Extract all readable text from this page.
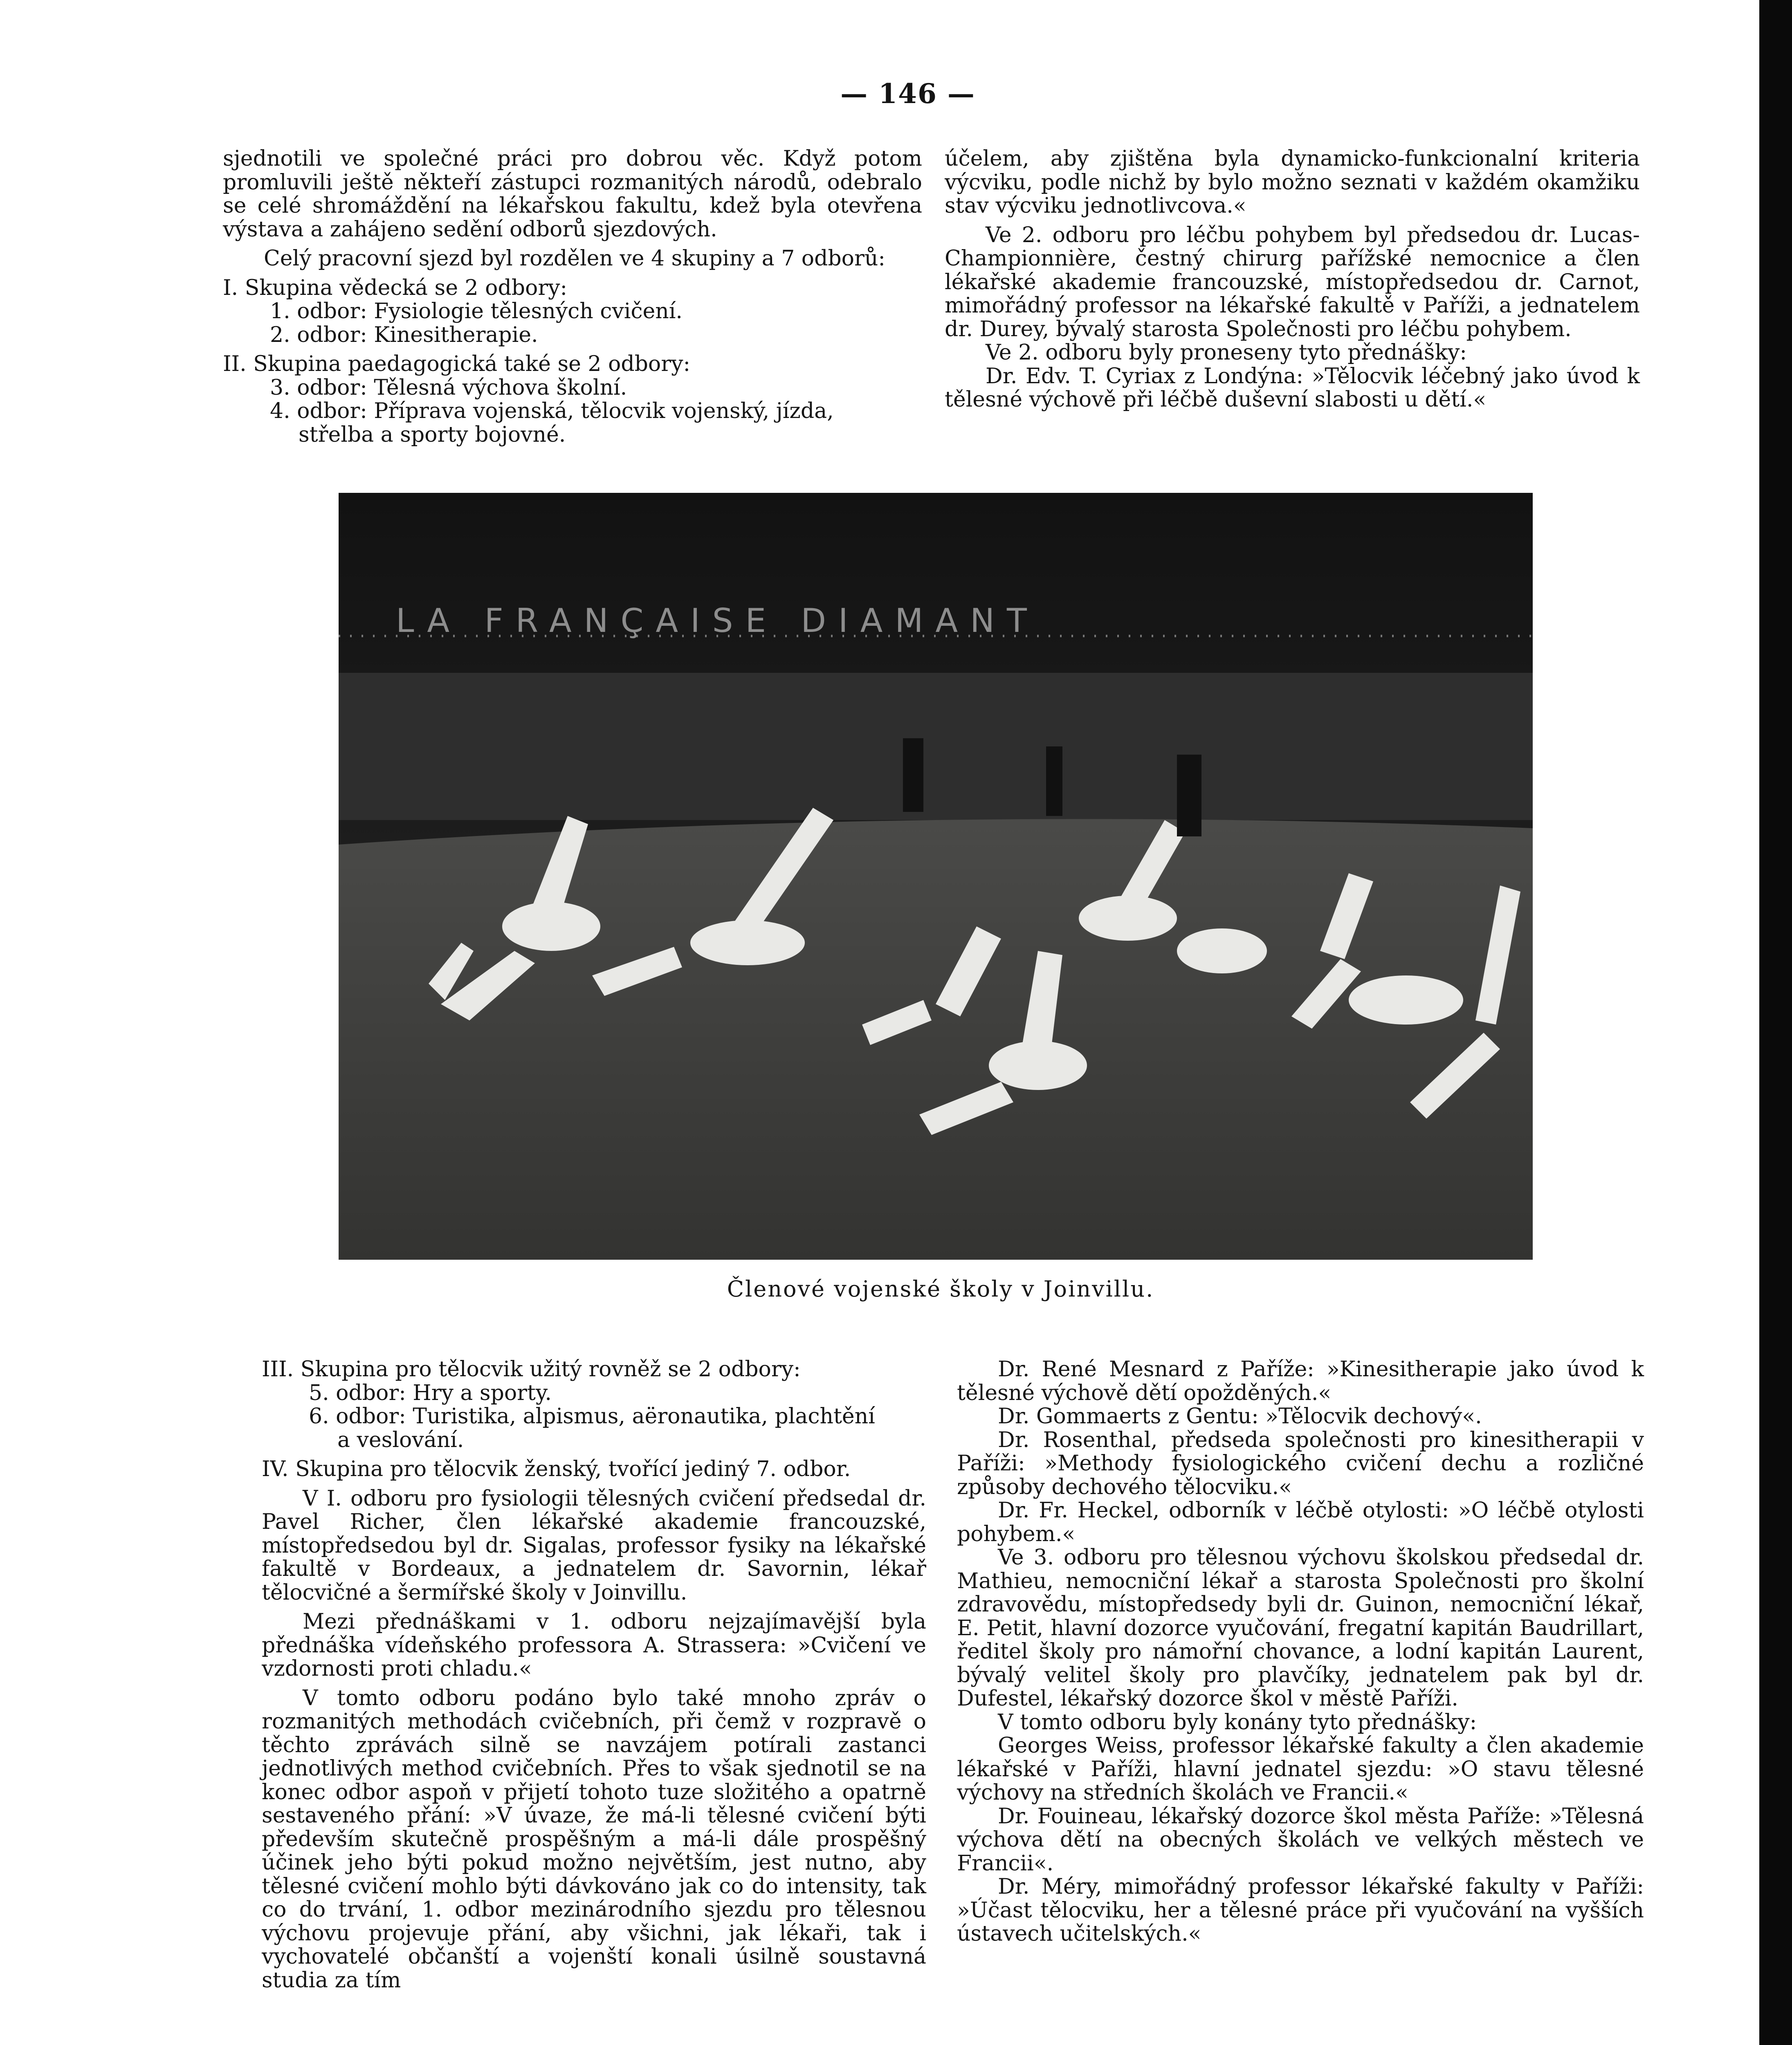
— 146 —

sjednotili ve společné práci pro dobrou věc. Když potom promluvili ještě někteří zástupci rozmanitých národů, odebralo se celé shromáždění na lékařskou fakultu, kdež byla otevřena výstava a zahájeno sedění odborů sjezdových.

Celý pracovní sjezd byl rozdělen ve 4 skupiny a 7 odborů:

I. Skupina vědecká se 2 odbory:

1. odbor: Fysiologie tělesných cvičení.

2. odbor: Kinesitherapie.

II. Skupina paedagogická také se 2 odbory:

3. odbor: Tělesná výchova školní.

4. odbor: Příprava vojenská, tělocvik vojenský, jízda,
střelba a sporty bojovné.

účelem, aby zjištěna byla dynamicko-funkcionalní kriteria výcviku, podle nichž by bylo možno seznati v každém okamžiku stav výcviku jednotlivcova.«

Ve 2. odboru pro léčbu pohybem byl předsedou dr. Lucas-Championnière, čestný chirurg pařížské nemocnice a člen lékařské akademie francouzské, místopředsedou dr. Carnot, mimořádný professor na lékařské fakultě v Paříži, a jednatelem dr. Durey, bývalý starosta Společnosti pro léčbu pohybem.

Ve 2. odboru byly proneseny tyto přednášky:

Dr. Edv. T. Cyriax z Londýna: »Tělocvik léčebný jako úvod k tělesné výchově při léčbě duševní slabosti u dětí.«

LA FRANÇAISE DIAMANT
Členové vojenské školy v Joinvillu.

III. Skupina pro tělocvik užitý rovněž se 2 odbory:

5. odbor: Hry a sporty.

6. odbor: Turistika, alpismus, aëronautika, plachtění
a veslování.

IV. Skupina pro tělocvik ženský, tvořící jediný 7. odbor.

V I. odboru pro fysiologii tělesných cvičení předsedal dr. Pavel Richer, člen lékařské akademie francouzské, místopředsedou byl dr. Sigalas, professor fysiky na lékařské fakultě v Bordeaux, a jednatelem dr. Savornin, lékař tělocvičné a šermířské školy v Joinvillu.

Mezi přednáškami v 1. odboru nejzajímavější byla přednáška vídeňského professora A. Strassera: »Cvičení ve vzdornosti proti chladu.«

V tomto odboru podáno bylo také mnoho zpráv o rozmanitých methodách cvičebních, při čemž v rozpravě o těchto zprávách silně se navzájem potírali zastanci jednotlivých method cvičebních. Přes to však sjednotil se na konec odbor aspoň v přijetí tohoto tuze složitého a opatrně sestaveného přání: »V úvaze, že má-li tělesné cvičení býti především skutečně prospěšným a má-li dále prospěšný účinek jeho býti pokud možno největším, jest nutno, aby tělesné cvičení mohlo býti dávkováno jak co do intensity, tak co do trvání, 1. odbor mezinárodního sjezdu pro tělesnou výchovu projevuje přání, aby všichni, jak lékaři, tak i vychovatelé občanští a vojenští konali úsilně soustavná studia za tím

Dr. René Mesnard z Paříže: »Kinesitherapie jako úvod k tělesné výchově dětí opožděných.«

Dr. Gommaerts z Gentu: »Tělocvik dechový«.

Dr. Rosenthal, předseda společnosti pro kinesitherapii v Paříži: »Methody fysiologického cvičení dechu a rozličné způsoby dechového tělocviku.«

Dr. Fr. Heckel, odborník v léčbě otylosti: »O léčbě otylosti pohybem.«

Ve 3. odboru pro tělesnou výchovu školskou předsedal dr. Mathieu, nemocniční lékař a starosta Společnosti pro školní zdravovědu, místopředsedy byli dr. Guinon, nemocniční lékař, E. Petit, hlavní dozorce vyučování, fregatní kapitán Baudrillart, ředitel školy pro námořní chovance, a lodní kapitán Laurent, bývalý velitel školy pro plavčíky, jednatelem pak byl dr. Dufestel, lékařský dozorce škol v městě Paříži.

V tomto odboru byly konány tyto přednášky:

Georges Weiss, professor lékařské fakulty a člen akademie lékařské v Paříži, hlavní jednatel sjezdu: »O stavu tělesné výchovy na středních školách ve Francii.«

Dr. Fouineau, lékařský dozorce škol města Paříže: »Tělesná výchova dětí na obecných školách ve velkých městech ve Francii«.

Dr. Méry, mimořádný professor lékařské fakulty v Paříži: »Účast tělocviku, her a tělesné práce při vyučování na vyšších ústavech učitelských.«
